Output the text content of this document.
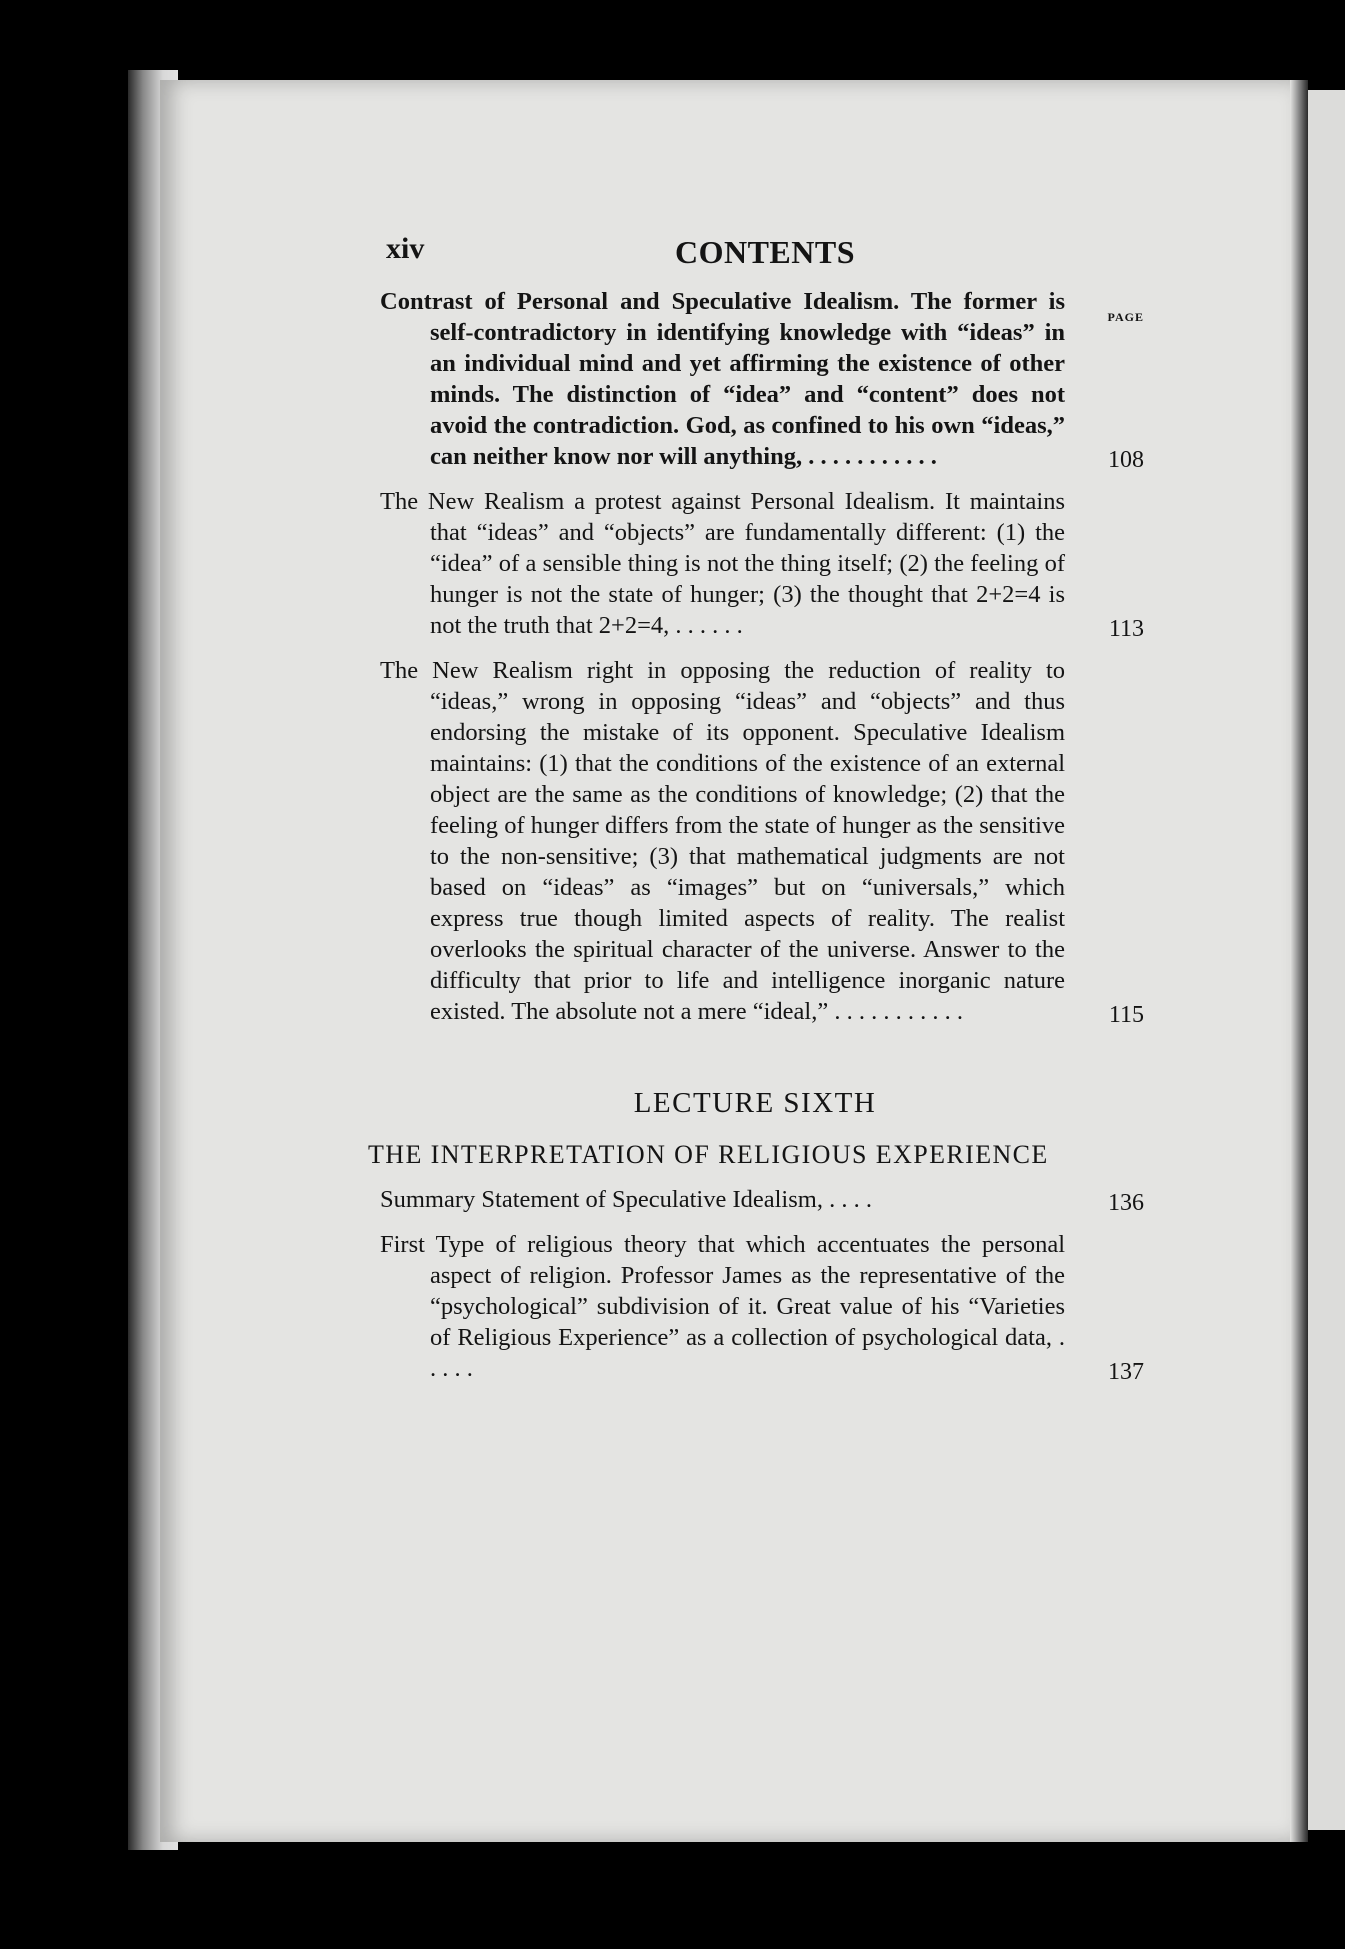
xiv	CONTENTS
PAGE
Contrast of Personal and Speculative Idealism. The former is self-contradictory in identifying knowledge with “ideas” in an individual mind and yet affirming the existence of other minds. The distinction of “idea” and “content” does not avoid the contradiction. God, as confined to his own “ideas,” can neither know nor will anything, . . . . . . . . . . .	108
The New Realism a protest against Personal Idealism. It maintains that “ideas” and “objects” are fundamentally different: (1) the “idea” of a sensible thing is not the thing itself; (2) the feeling of hunger is not the state of hunger; (3) the thought that 2+2=4 is not the truth that 2+2=4, . . . . . .	113
The New Realism right in opposing the reduction of reality to “ideas,” wrong in opposing “ideas” and “objects” and thus endorsing the mistake of its opponent. Speculative Idealism maintains: (1) that the conditions of the existence of an external object are the same as the conditions of knowledge; (2) that the feeling of hunger differs from the state of hunger as the sensitive to the non-sensitive; (3) that mathematical judgments are not based on “ideas” as “images” but on “universals,” which express true though limited aspects of reality. The realist overlooks the spiritual character of the universe. Answer to the difficulty that prior to life and intelligence inorganic nature existed. The absolute not a mere “ideal,” . . . . . . . . . . .	115
LECTURE SIXTH
THE INTERPRETATION OF RELIGIOUS EXPERIENCE
Summary Statement of Speculative Idealism, . . . .	136
First Type of religious theory that which accentuates the personal aspect of religion. Professor James as the representative of the “psychological” subdivision of it. Great value of his “Varieties of Religious Experience” as a collection of psychological data, . . . . .	137
